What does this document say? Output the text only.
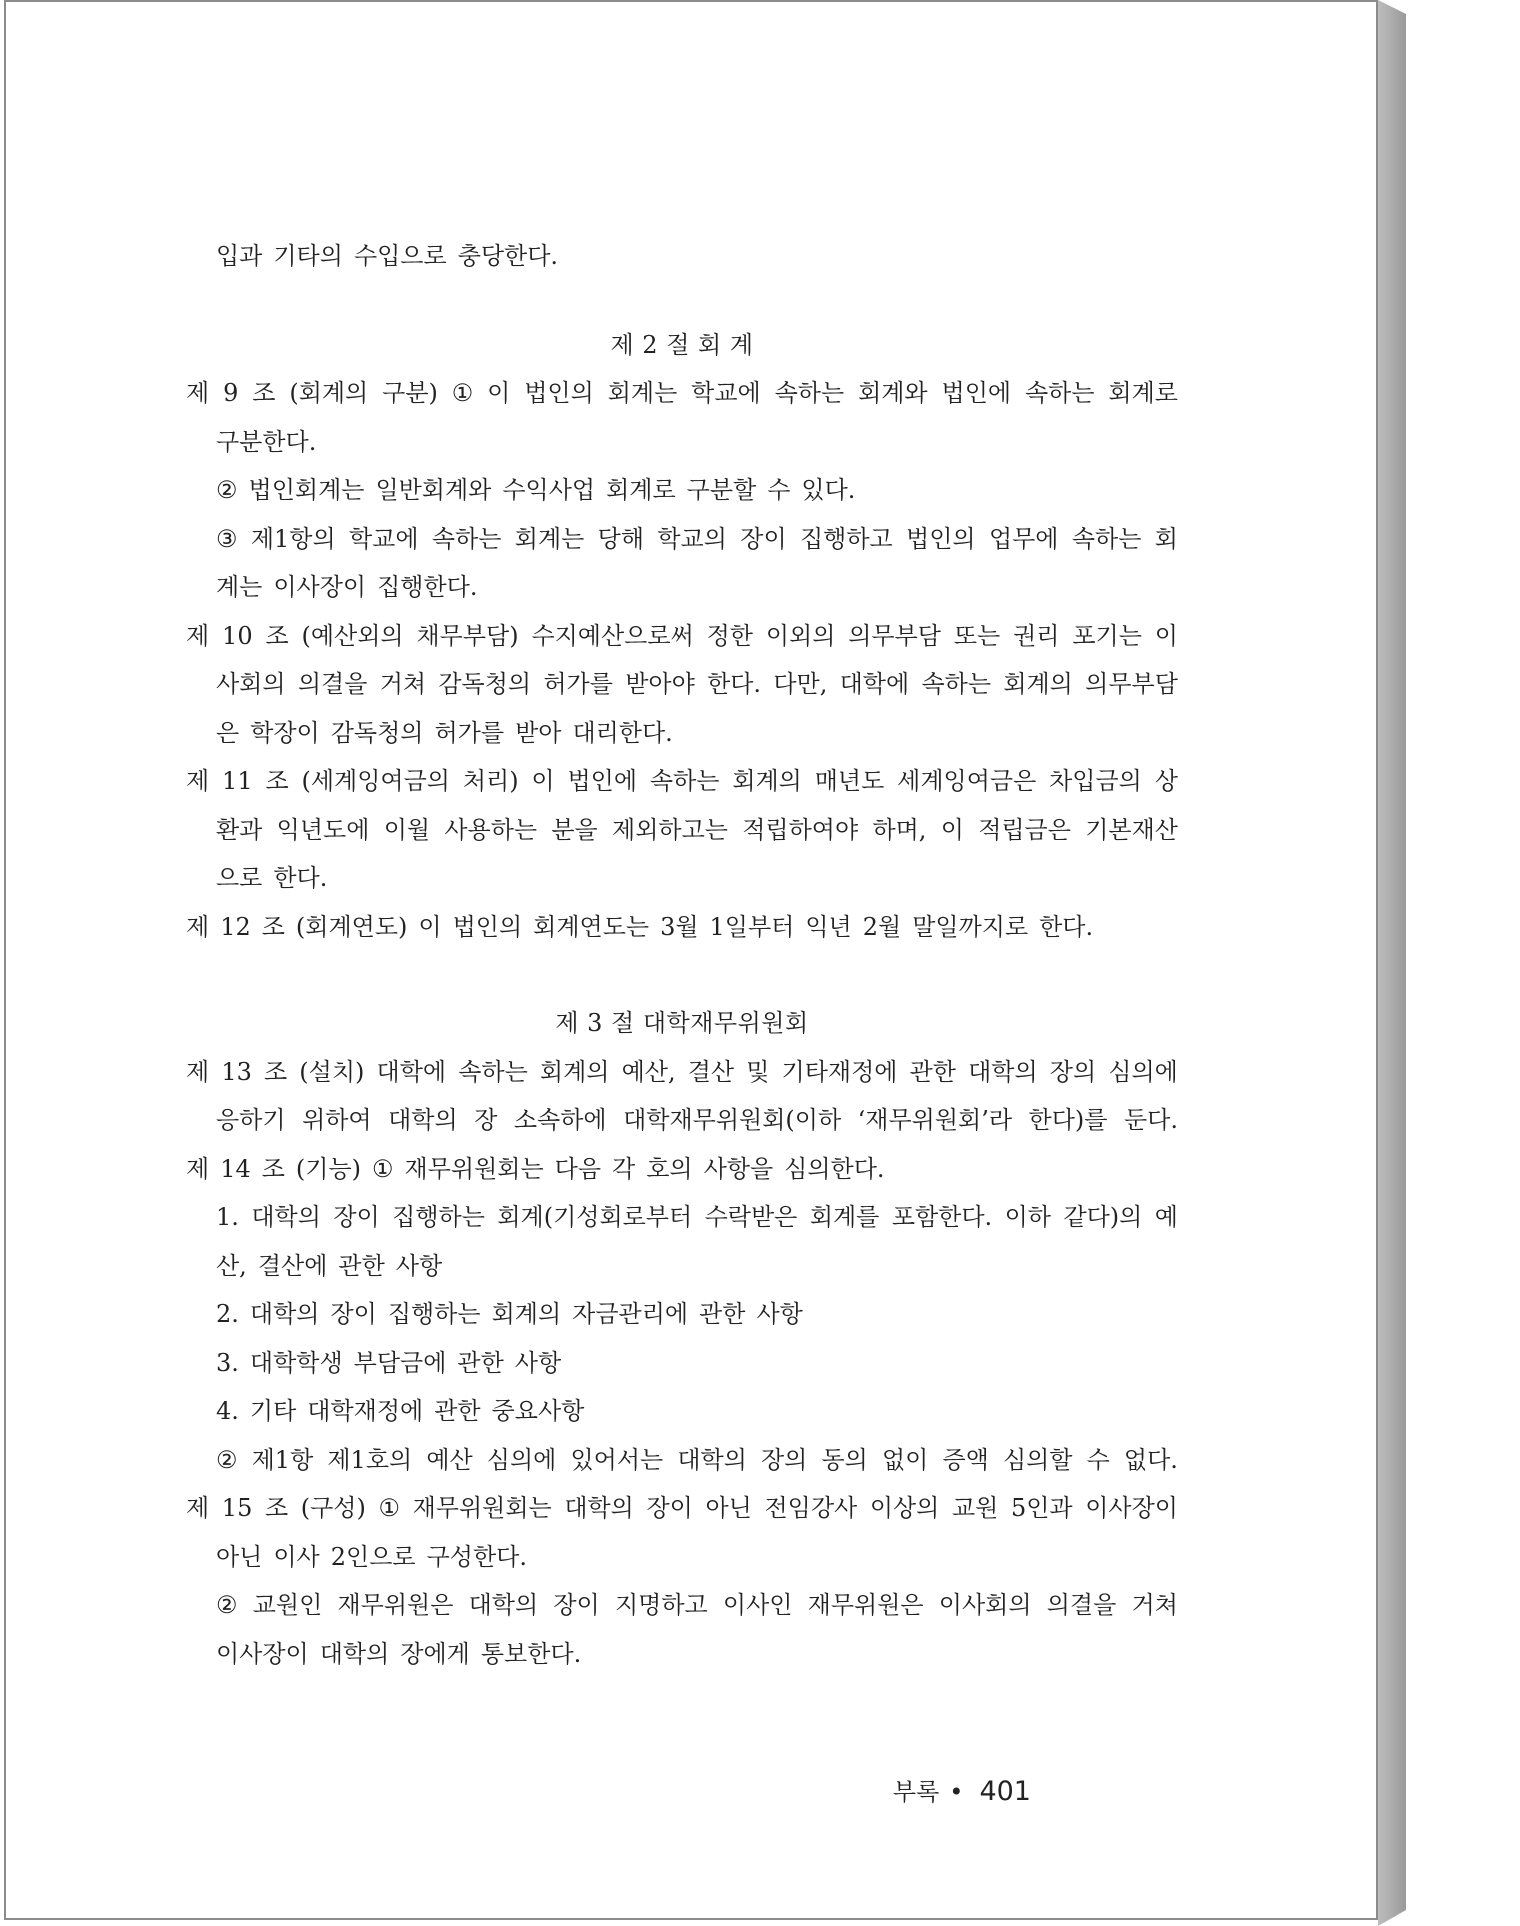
입과 기타의 수입으로 충당한다.
제 2 절 회 계
제 9 조 (회계의 구분) ① 이 법인의 회계는 학교에 속하는 회계와 법인에 속하는 회계로
구분한다.
② 법인회계는 일반회계와 수익사업 회계로 구분할 수 있다.
③ 제1항의 학교에 속하는 회계는 당해 학교의 장이 집행하고 법인의 업무에 속하는 회
계는 이사장이 집행한다.
제 10 조 (예산외의 채무부담) 수지예산으로써 정한 이외의 의무부담 또는 권리 포기는 이
사회의 의결을 거쳐 감독청의 허가를 받아야 한다. 다만, 대학에 속하는 회계의 의무부담
은 학장이 감독청의 허가를 받아 대리한다.
제 11 조 (세계잉여금의 처리) 이 법인에 속하는 회계의 매년도 세계잉여금은 차입금의 상
환과 익년도에 이월 사용하는 분을 제외하고는 적립하여야 하며, 이 적립금은 기본재산
으로 한다.
제 12 조 (회계연도) 이 법인의 회계연도는 3월 1일부터 익년 2월 말일까지로 한다.
제 3 절 대학재무위원회
제 13 조 (설치) 대학에 속하는 회계의 예산, 결산 및 기타재정에 관한 대학의 장의 심의에
응하기 위하여 대학의 장 소속하에 대학재무위원회(이하 ‘재무위원회’라 한다)를 둔다.
제 14 조 (기능) ① 재무위원회는 다음 각 호의 사항을 심의한다.
1. 대학의 장이 집행하는 회계(기성회로부터 수락받은 회계를 포함한다. 이하 같다)의 예
산, 결산에 관한 사항
2. 대학의 장이 집행하는 회계의 자금관리에 관한 사항
3. 대학학생 부담금에 관한 사항
4. 기타 대학재정에 관한 중요사항
② 제1항 제1호의 예산 심의에 있어서는 대학의 장의 동의 없이 증액 심의할 수 없다.
제 15 조 (구성) ① 재무위원회는 대학의 장이 아닌 전임강사 이상의 교원 5인과 이사장이
아닌 이사 2인으로 구성한다.
② 교원인 재무위원은 대학의 장이 지명하고 이사인 재무위원은 이사회의 의결을 거쳐
이사장이 대학의 장에게 통보한다.
부록 • 401
